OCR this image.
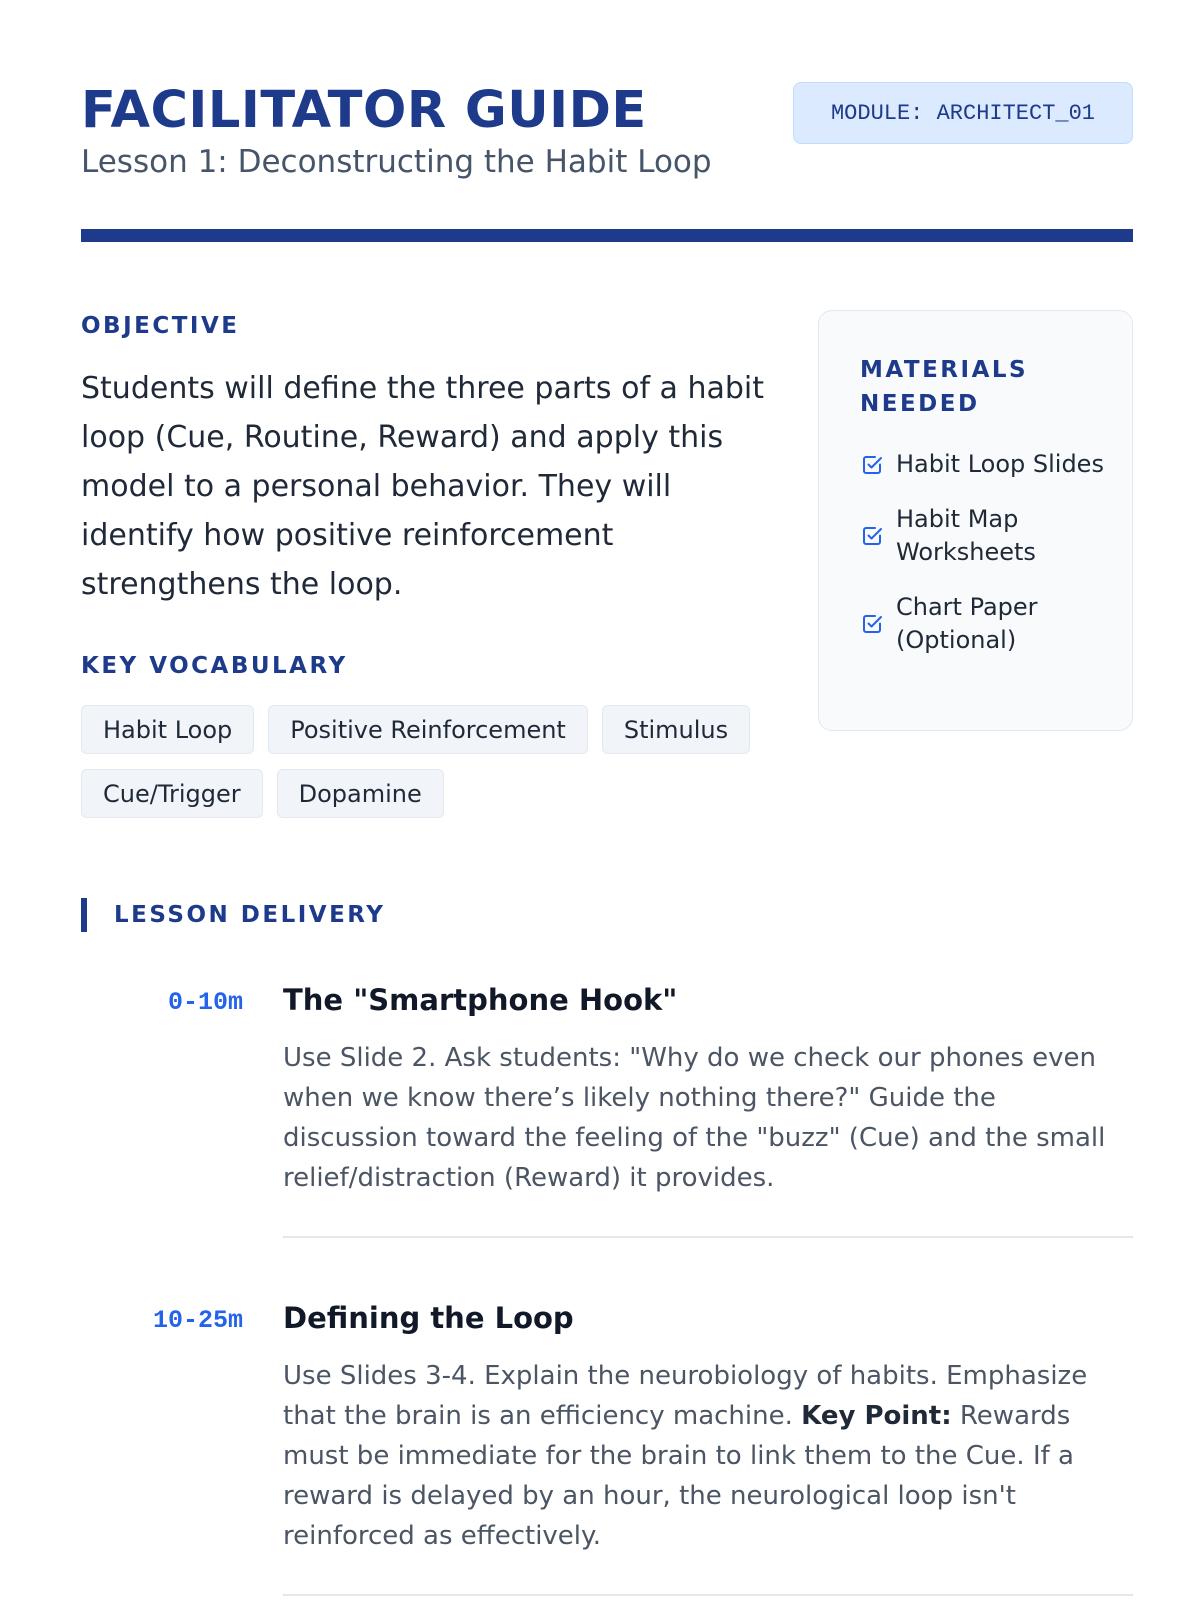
FACILITATOR GUIDE
Lesson 1: Deconstructing the Habit Loop
MODULE: ARCHITECT_01
OBJECTIVE

Students will define the three parts of a habit loop (Cue, Routine, Reward) and apply this model to a personal behavior. They will identify how positive reinforcement strengthens the loop.

KEY VOCABULARY
Habit Loop	Positive Reinforcement	Stimulus
Cue/Trigger	Dopamine
MATERIALS NEEDED
Habit Loop Slides
Habit Map Worksheets
Chart Paper (Optional)
LESSON DELIVERY
0-10m The "Smartphone Hook"

Use Slide 2. Ask students: "Why do we check our phones even when we know there’s likely nothing there?" Guide the discussion toward the feeling of the "buzz" (Cue) and the small relief/distraction (Reward) it provides.

10-25m Defining the Loop

Use Slides 3-4. Explain the neurobiology of habits. Emphasize that the brain is an efficiency machine. Key Point: Rewards must be immediate for the brain to link them to the Cue. If a reward is delayed by an hour, the neurological loop isn't reinforced as effectively.
